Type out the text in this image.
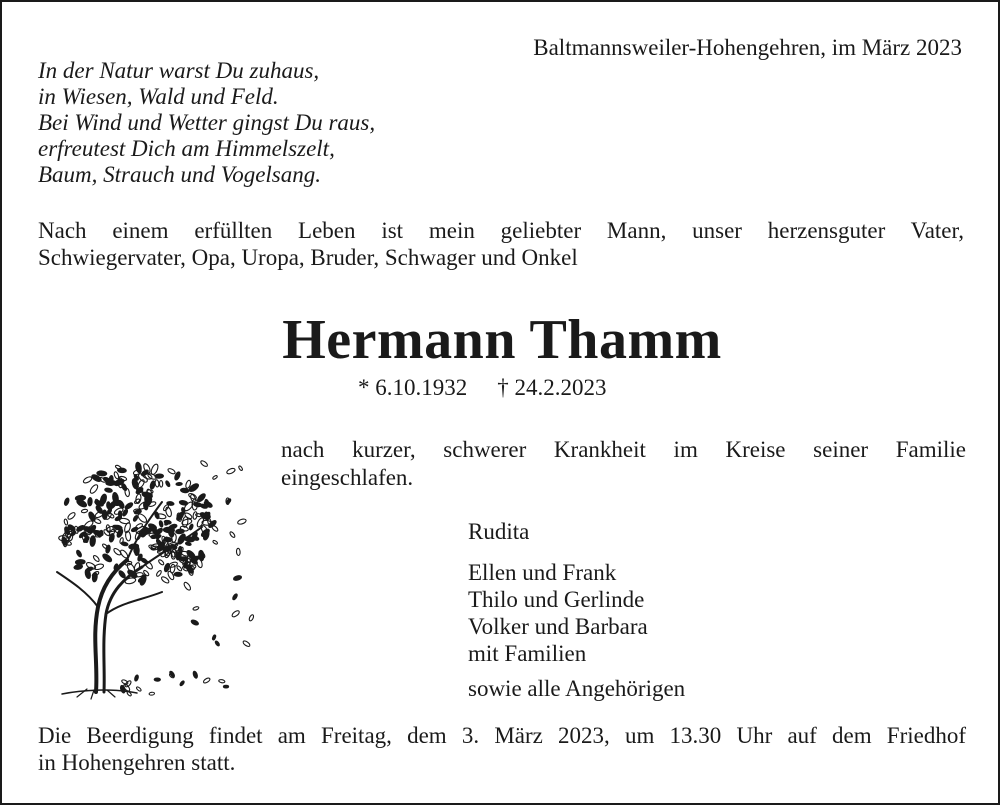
Baltmannsweiler-Hohengehren, im März 2023
In der Natur warst Du zuhaus,
in Wiesen, Wald und Feld.
Bei Wind und Wetter gingst Du raus,
erfreutest Dich am Himmelszelt,
Baum, Strauch und Vogelsang.
Nach einem erfüllten Leben ist mein geliebter Mann, unser herzensguter Vater,
Schwiegervater, Opa, Uropa, Bruder, Schwager und Onkel
Hermann Thamm
* 6.10.1932 † 24.2.2023
nach kurzer, schwerer Krankheit im Kreise seiner Familie
eingeschlafen.
Rudita
Ellen und Frank
Thilo und Gerlinde
Volker und Barbara
mit Familien
sowie alle Angehörigen
Die Beerdigung findet am Freitag, dem 3. März 2023, um 13.30 Uhr auf dem Friedhof
in Hohengehren statt.
